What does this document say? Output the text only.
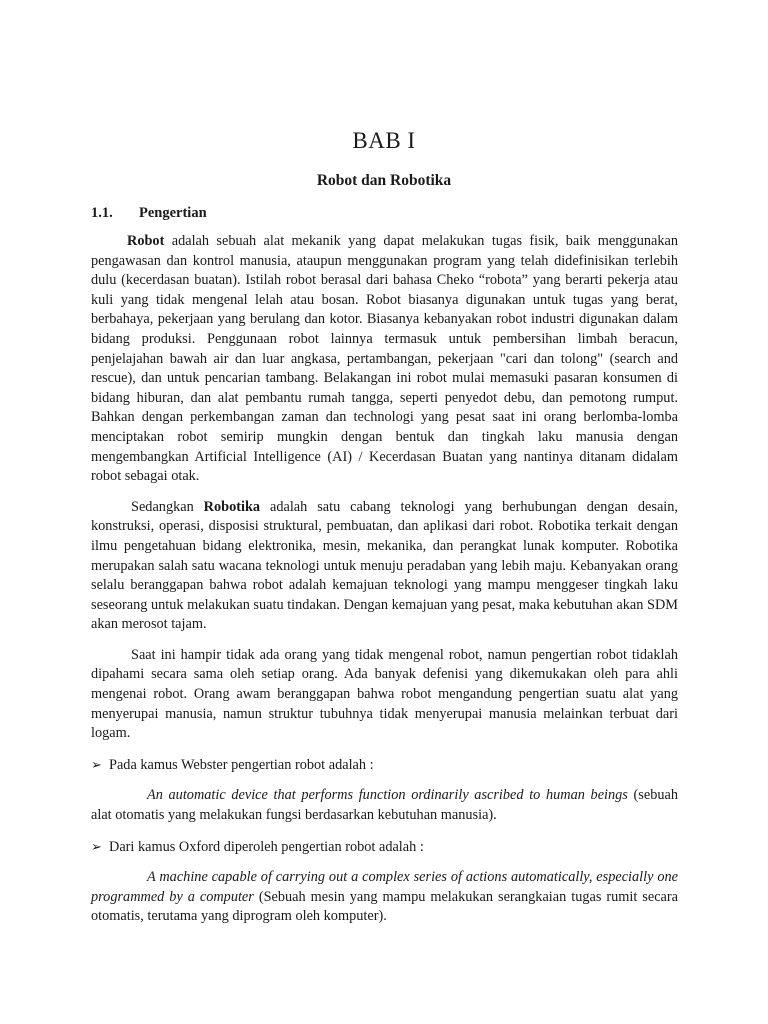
BAB I
Robot dan Robotika
1.1. Pengertian

Robot adalah sebuah alat mekanik yang dapat melakukan tugas fisik, baik menggunakan pengawasan dan kontrol manusia, ataupun menggunakan program yang telah didefinisikan terlebih dulu (kecerdasan buatan). Istilah robot berasal dari bahasa Cheko “robota” yang berarti pekerja atau kuli yang tidak mengenal lelah atau bosan. Robot biasanya digunakan untuk tugas yang berat, berbahaya, pekerjaan yang berulang dan kotor. Biasanya kebanyakan robot industri digunakan dalam bidang produksi. Penggunaan robot lainnya termasuk untuk pembersihan limbah beracun, penjelajahan bawah air dan luar angkasa, pertambangan, pekerjaan "cari dan tolong" (search and rescue), dan untuk pencarian tambang. Belakangan ini robot mulai memasuki pasaran konsumen di bidang hiburan, dan alat pembantu rumah tangga, seperti penyedot debu, dan pemotong rumput. Bahkan dengan perkembangan zaman dan technologi yang pesat saat ini orang berlomba-lomba menciptakan robot semirip mungkin dengan bentuk dan tingkah laku manusia dengan mengembangkan Artificial Intelligence (AI) / Kecerdasan Buatan yang nantinya ditanam didalam robot sebagai otak.

Sedangkan Robotika adalah satu cabang teknologi yang berhubungan dengan desain, konstruksi, operasi, disposisi struktural, pembuatan, dan aplikasi dari robot. Robotika terkait dengan ilmu pengetahuan bidang elektronika, mesin, mekanika, dan perangkat lunak komputer. Robotika merupakan salah satu wacana teknologi untuk menuju peradaban yang lebih maju. Kebanyakan orang selalu beranggapan bahwa robot adalah kemajuan teknologi yang mampu menggeser tingkah laku seseorang untuk melakukan suatu tindakan. Dengan kemajuan yang pesat, maka kebutuhan akan SDM akan merosot tajam.

Saat ini hampir tidak ada orang yang tidak mengenal robot, namun pengertian robot tidaklah dipahami secara sama oleh setiap orang. Ada banyak defenisi yang dikemukakan oleh para ahli mengenai robot. Orang awam beranggapan bahwa robot mengandung pengertian suatu alat yang menyerupai manusia, namun struktur tubuhnya tidak menyerupai manusia melainkan terbuat dari logam.

➢ Pada kamus Webster pengertian robot adalah :

An automatic device that performs function ordinarily ascribed to human beings (sebuah alat otomatis yang melakukan fungsi berdasarkan kebutuhan manusia).

➢ Dari kamus Oxford diperoleh pengertian robot adalah :

A machine capable of carrying out a complex series of actions automatically, especially one programmed by a computer (Sebuah mesin yang mampu melakukan serangkaian tugas rumit secara otomatis, terutama yang diprogram oleh komputer).
